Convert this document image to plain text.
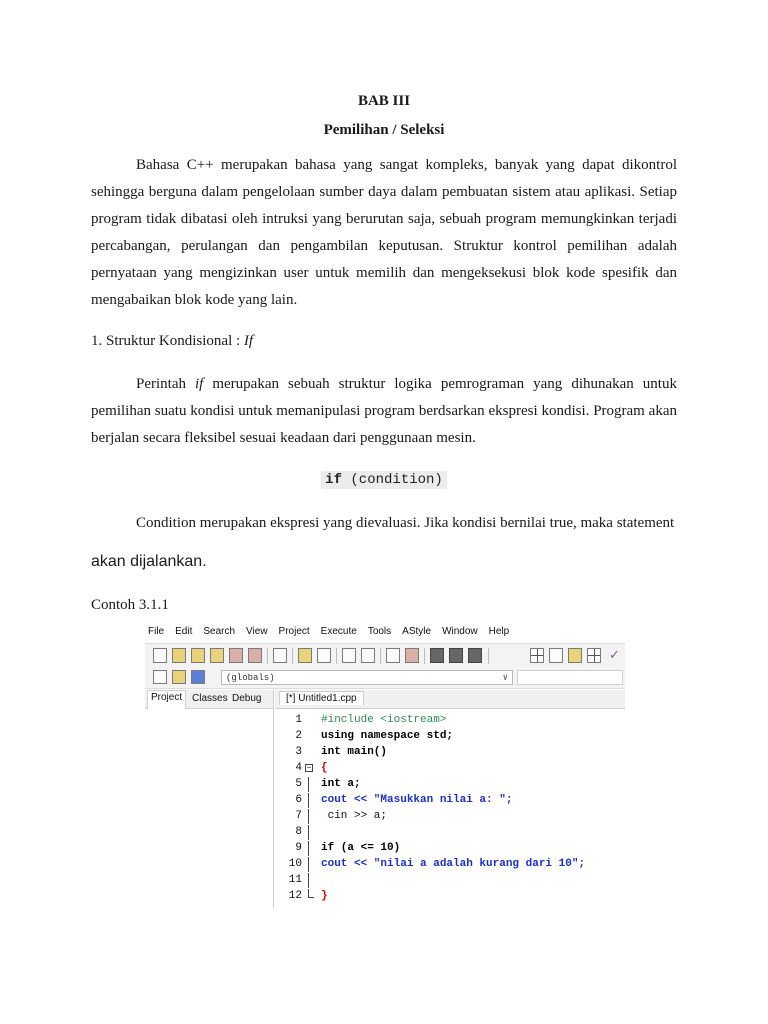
BAB III
Pemilihan / Seleksi

Bahasa C++ merupakan bahasa yang sangat kompleks, banyak yang dapat dikontrol sehingga berguna dalam pengelolaan sumber daya dalam pembuatan sistem atau aplikasi. Setiap program tidak dibatasi oleh intruksi yang berurutan saja, sebuah program memungkinkan terjadi percabangan, perulangan dan pengambilan keputusan. Struktur kontrol pemilihan adalah pernyataan yang mengizinkan user untuk memilih dan mengeksekusi blok kode spesifik dan mengabaikan blok kode yang lain.

1. Struktur Kondisional : If

Perintah if merupakan sebuah struktur logika pemrograman yang dihunakan untuk pemilihan suatu kondisi untuk memanipulasi program berdsarkan ekspresi kondisi. Program akan berjalan secara fleksibel sesuai keadaan dari penggunaan mesin.

if (condition)

Condition merupakan ekspresi yang dievaluasi. Jika kondisi bernilai true, maka statement

akan dijalankan.
Contoh 3.1.1
File Edit Search View Project Execute Tools AStyle Window Help
✓
(globals)	∨
Project Classes Debug	[*] Untitled1.cpp
1
2
3
4 −
5
6
7
8
9
10
11
12
#include <iostream>
using namespace std;
int main()
{
int a;
cout << "Masukkan nilai a: ";
cin >> a;
if (a <= 10)
cout << "nilai a adalah kurang dari 10";
}
